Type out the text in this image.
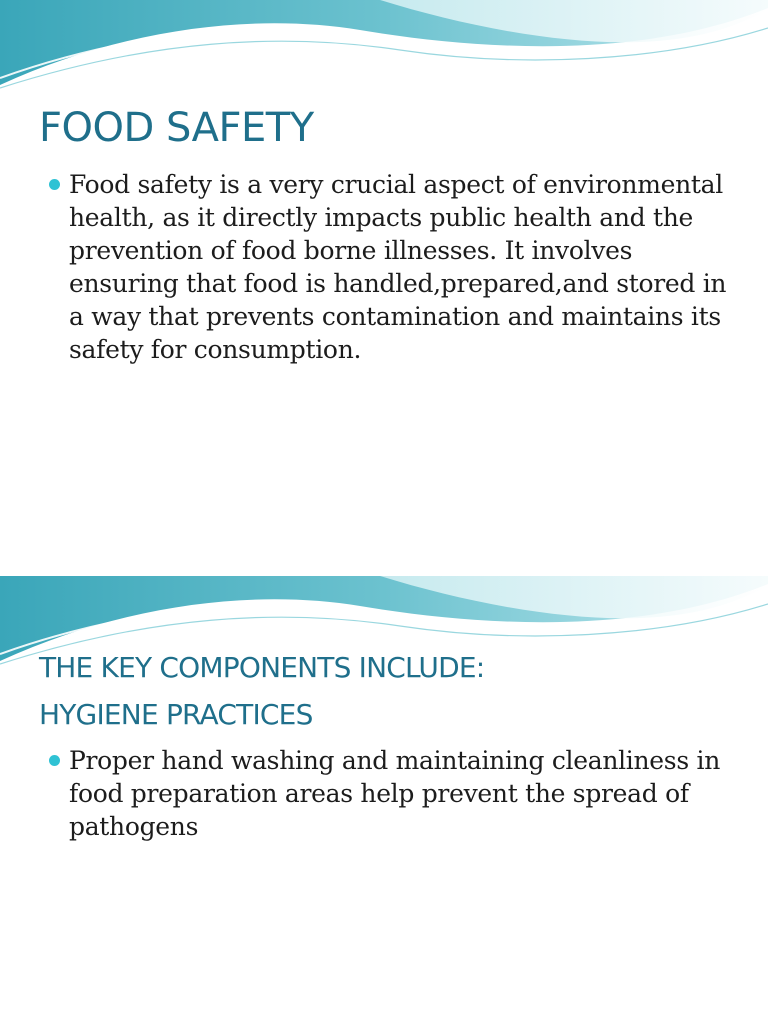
FOOD SAFETY
Food safety is a very crucial aspect of environmental health, as it directly impacts public health and the prevention of food borne illnesses. It involves ensuring that food is handled,prepared,and stored in a way that prevents contamination and maintains its safety for consumption.
THE KEY COMPONENTS INCLUDE:
HYGIENE PRACTICES
Proper hand washing and maintaining cleanliness in food preparation areas help prevent the spread of pathogens
